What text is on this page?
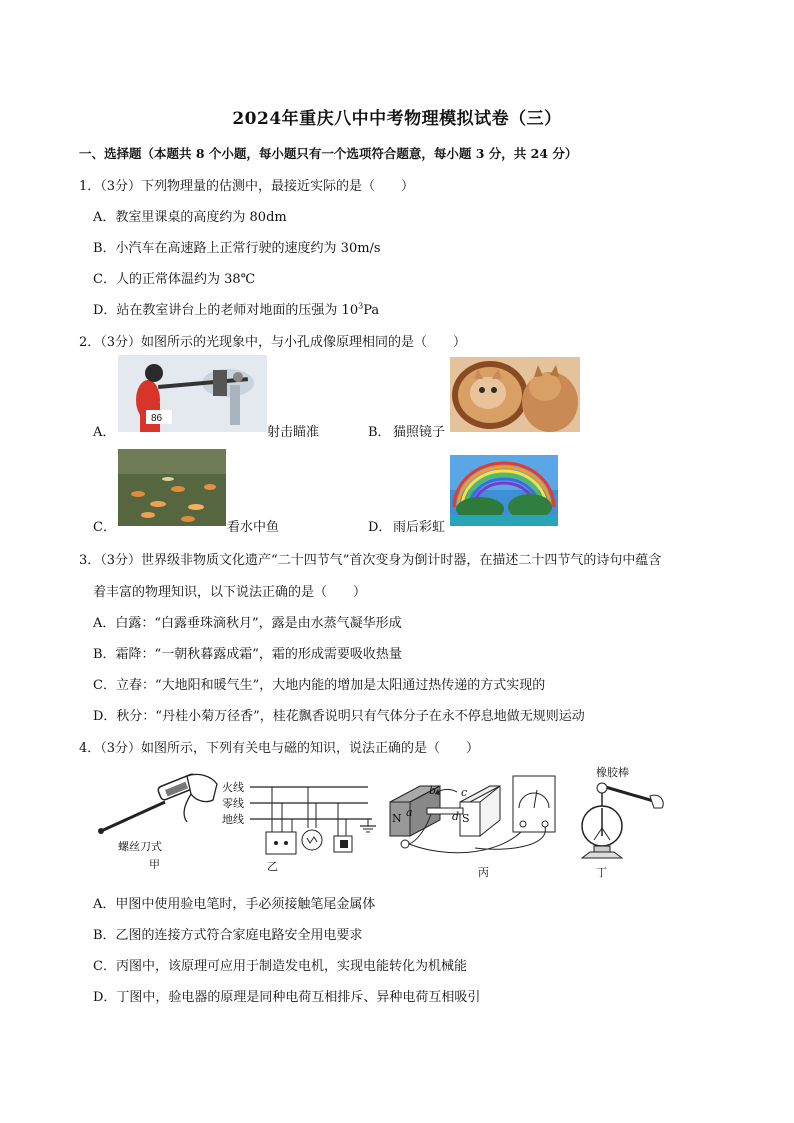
2024年重庆八中中考物理模拟试卷（三）
一、选择题（本题共 8 个小题，每小题只有一个选项符合题意，每小题 3 分，共 24 分）
1．（3分）下列物理量的估测中，最接近实际的是（　　）
A．教室里课桌的高度约为 80dm
B．小汽车在高速路上正常行驶的速度约为 30m/s
C．人的正常体温约为 38℃
D．站在教室讲台上的老师对地面的压强为 $10^3Pa$
2．（3分）如图所示的光现象中，与小孔成像原理相同的是（　　）
A．
86
射击瞄准	B． 猫照镜子
C．	看水中鱼	D． 雨后彩虹
3．（3分）世界级非物质文化遗产“二十四节气”首次变身为倒计时器，在描述二十四节气的诗句中蕴含
着丰富的物理知识，以下说法正确的是（　　）
A．白露：“白露垂珠滴秋月”，露是由水蒸气凝华形成
B．霜降：“一朝秋暮露成霜”，霜的形成需要吸收热量
C．立春：“大地阳和暖气生”，大地内能的增加是太阳通过热传递的方式实现的
D．秋分：“丹桂小菊万径香”，桂花飘香说明只有气体分子在永不停息地做无规则运动
4．（3分）如图所示，下列有关电与磁的知识，说法正确的是（　　）
螺丝刀式
甲
火线
零线
地线
乙
N	S
a
b c
d
丙
橡胶棒
丁
A．甲图中使用验电笔时，手必须接触笔尾金属体
B．乙图的连接方式符合家庭电路安全用电要求
C．丙图中，该原理可应用于制造发电机，实现电能转化为机械能
D．丁图中，验电器的原理是同种电荷互相排斥、异种电荷互相吸引
